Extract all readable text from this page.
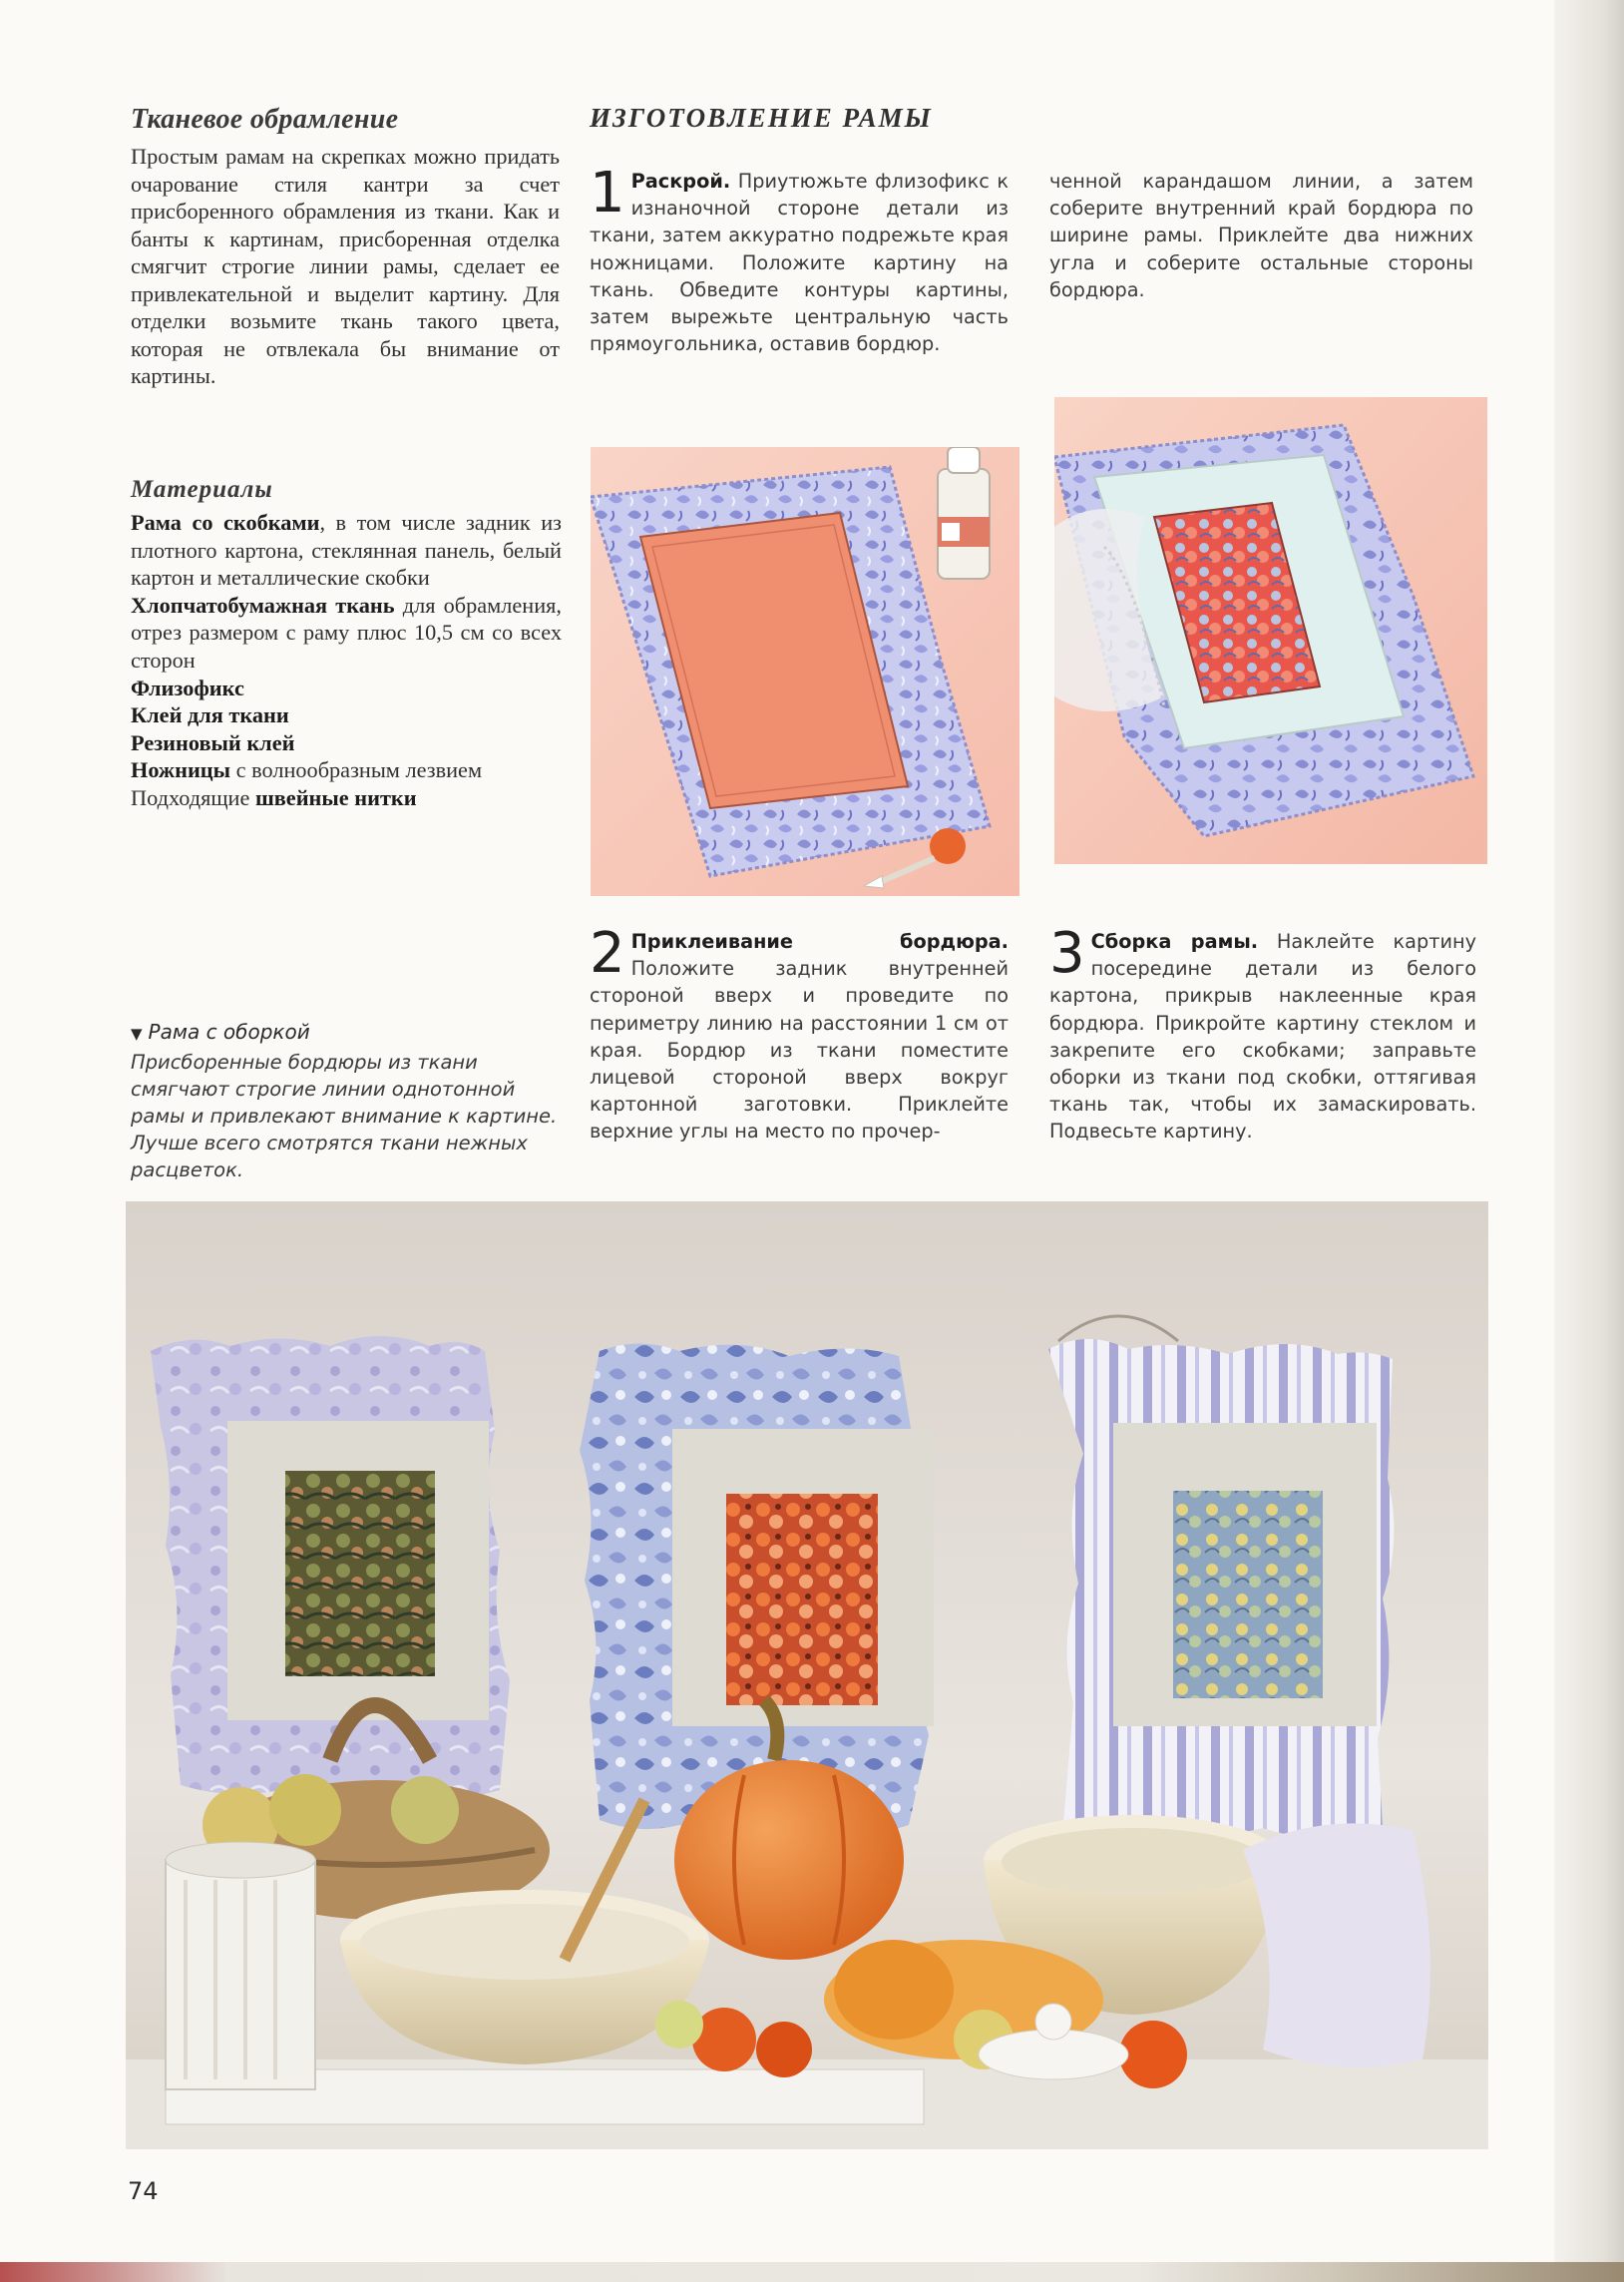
Тканевое обрамление

Простым рамам на скрепках можно придать очарование стиля кантри за счет присборенного обрамления из ткани. Как и банты к картинам, присборенная отделка смягчит строгие линии рамы, сделает ее привлекательной и выделит картину. Для отделки возьмите ткань такого цвета, которая не отвлекала бы внимание от картины.

Материалы
Рама со скобками, в том числе задник из плотного картона, стеклянная панель, белый картон и металлические скобки
Хлопчатобумажная ткань для обрамления, отрез размером с раму плюс 10,5 см со всех сторон
Флизофикс
Клей для ткани
Резиновый клей
Ножницы с волнообразным лезвием
Подходящие швейные нитки
▼ Рама с оборкой

Присборенные бордюры из ткани смягчают строгие линии однотонной рамы и привлекают внимание к картине. Лучше всего смотрятся ткани нежных расцветок.

ИЗГОТОВЛЕНИЕ РАМЫ

1 Раскрой. Приутюжьте флизофикс к изнаночной стороне детали из ткани, затем аккуратно подрежьте края ножницами. Положите картину на ткань. Обведите контуры картины, затем вырежьте центральную часть прямоугольника, оставив бордюр.

ченной карандашом линии, а затем соберите внутренний край бордюра по ширине рамы. Приклейте два нижних угла и соберите остальные стороны бордюра.

2 Приклеивание бордюра. Положите задник внутренней стороной вверх и проведите по периметру линию на расстоянии 1 см от края. Бордюр из ткани поместите лицевой стороной вверх вокруг картонной заготовки. Приклейте верхние углы на место по прочер-

3 Сборка рамы. Наклейте картину посередине детали из белого картона, прикрыв наклеенные края бордюра. Прикройте картину стеклом и закрепите его скобками; заправьте оборки из ткани под скобки, оттягивая ткань так, чтобы их замаскировать. Подвесьте картину.

74
